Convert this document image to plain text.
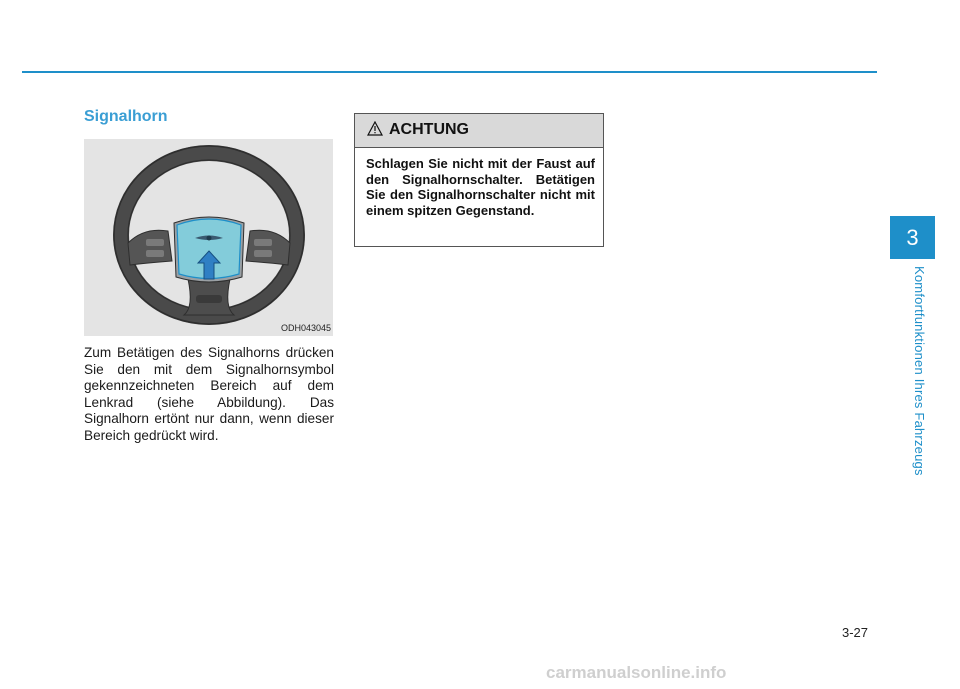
Signalhorn
ODH043045
Zum Betätigen des Signalhorns drücken Sie den mit dem Signalhornsymbol gekennzeichneten Bereich auf dem Lenkrad (siehe Abbildung). Das Signalhorn ertönt nur dann, wenn dieser Bereich gedrückt wird.
ACHTUNG
Schlagen Sie nicht mit der Faust auf den Signalhornschalter. Betätigen Sie den Signalhornschalter nicht mit einem spitzen Gegenstand.
3
Komfortfunktionen Ihres Fahrzeugs
3-27
carmanualsonline.info
